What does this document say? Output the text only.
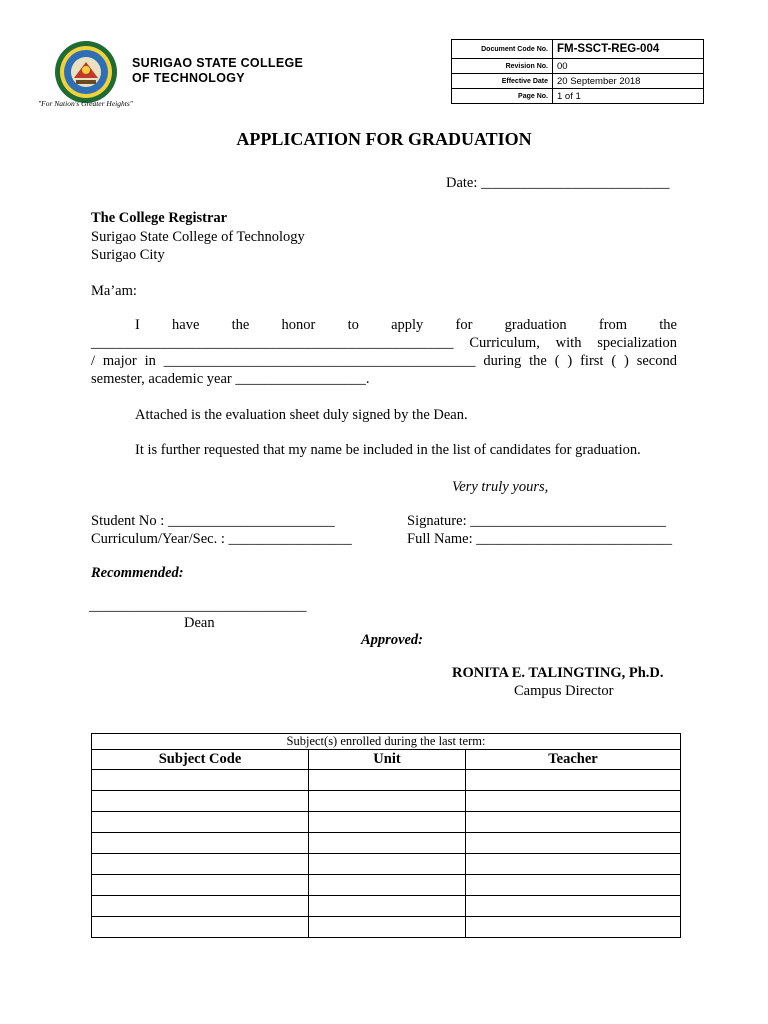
SURIGAO STATE COLLEGE
OF TECHNOLOGY
"For Nation's Greater Heights"
Document Code No.	FM-SSCT-REG-004
Revision No.	00
Effective Date	20 September 2018
Page No.	1 of 1
APPLICATION FOR GRADUATION
Date: __________________________
The College Registrar
Surigao State College of Technology
Surigao City
Ma’am:
I have the honor to apply for graduation from the
__________________________________________________ Curriculum, with specialization
/ major in ___________________________________________ during the ( ) first ( ) second
semester, academic year __________________.
Attached is the evaluation sheet duly signed by the Dean.
It is further requested that my name be included in the list of candidates for graduation.
Very truly yours,
Student No : _______________________
Curriculum/Year/Sec. : _________________
Signature: ___________________________
Full Name: ___________________________
Recommended:
______________________________
Dean
Approved:
RONITA E. TALINGTING, Ph.D.
Campus Director
Subject(s) enrolled during the last term:		
Subject Code	Unit	Teacher
